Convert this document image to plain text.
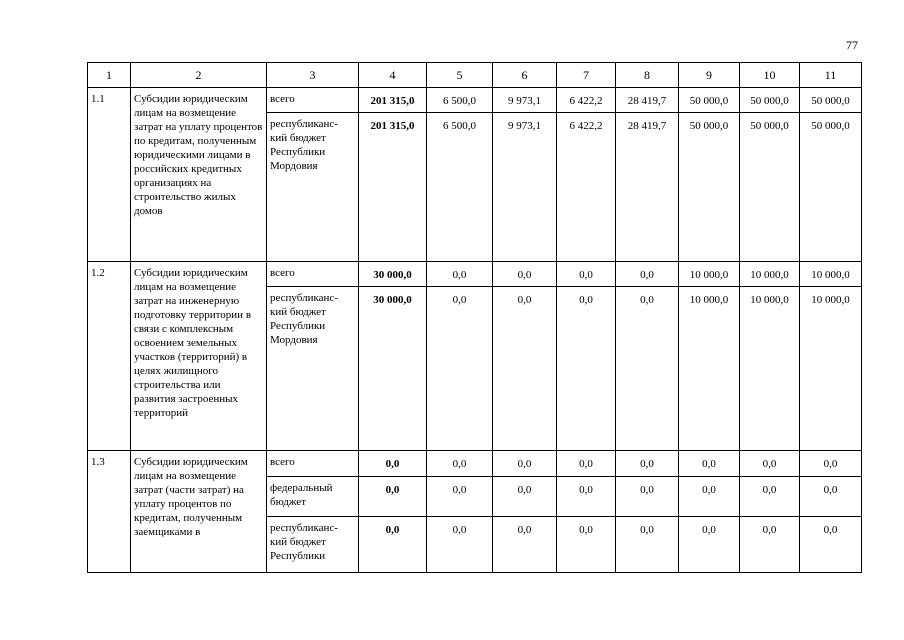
77
1	2	3	4	5	6	7	8	9	10	11
1.1	Субсидии юридическим лицам на возмещение затрат на уплату процентов по кредитам, полученным юридическими лицами в российских кредитных организациях на строительство жилых домов	всего	201 315,0	6 500,0	9 973,1	6 422,2	28 419,7	50 000,0	50 000,0	50 000,0
		республиканс-кий бюджет Республики Мордовия	201 315,0	6 500,0	9 973,1	6 422,2	28 419,7	50 000,0	50 000,0	50 000,0
1.2	Субсидии юридическим лицам на возмещение затрат на инженерную подготовку территории в связи с комплексным освоением земельных участков (территорий) в целях жилищного строительства или развития застроенных территорий	всего	30 000,0	0,0	0,0	0,0	0,0	10 000,0	10 000,0	10 000,0
		республиканс-кий бюджет Республики Мордовия	30 000,0	0,0	0,0	0,0	0,0	10 000,0	10 000,0	10 000,0
1.3	Субсидии юридическим лицам на возмещение затрат (части затрат) на уплату процентов по кредитам, полученным заемщиками в	всего	0,0	0,0	0,0	0,0	0,0	0,0	0,0	0,0
		федеральный бюджет	0,0	0,0	0,0	0,0	0,0	0,0	0,0	0,0
		республиканс-кий бюджет Республики	0,0	0,0	0,0	0,0	0,0	0,0	0,0	0,0
